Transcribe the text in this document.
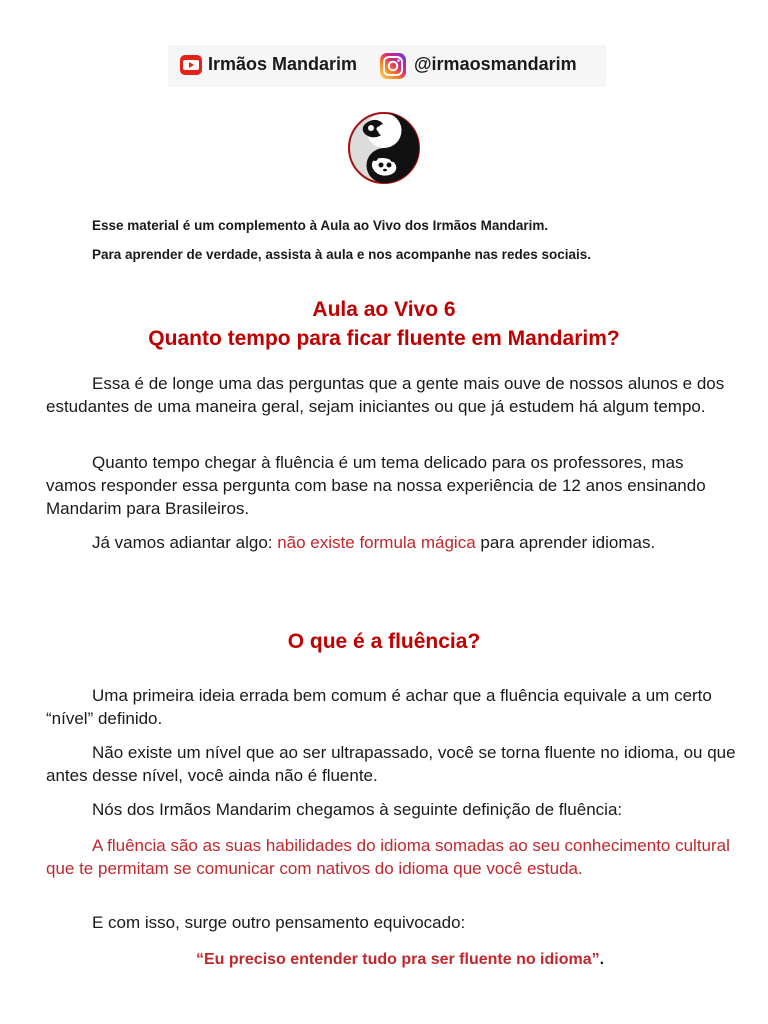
Irmãos Mandarim	@irmaosmandarim
Esse material é um complemento à Aula ao Vivo dos Irmãos Mandarim.
Para aprender de verdade, assista à aula e nos acompanhe nas redes sociais.
Aula ao Vivo 6
Quanto tempo para ficar fluente em Mandarim?
Essa é de longe uma das perguntas que a gente mais ouve de nossos alunos e dos estudantes de uma maneira geral, sejam iniciantes ou que já estudem há algum tempo.
Quanto tempo chegar à fluência é um tema delicado para os professores, mas vamos responder essa pergunta com base na nossa experiência de 12 anos ensinando Mandarim para Brasileiros.
Já vamos adiantar algo: não existe formula mágica para aprender idiomas.
O que é a fluência?
Uma primeira ideia errada bem comum é achar que a fluência equivale a um certo “nível” definido.
Não existe um nível que ao ser ultrapassado, você se torna fluente no idioma, ou que antes desse nível, você ainda não é fluente.
Nós dos Irmãos Mandarim chegamos à seguinte definição de fluência:
A fluência são as suas habilidades do idioma somadas ao seu conhecimento cultural que te permitam se comunicar com nativos do idioma que você estuda.
E com isso, surge outro pensamento equivocado:
“Eu preciso entender tudo pra ser fluente no idioma”.
